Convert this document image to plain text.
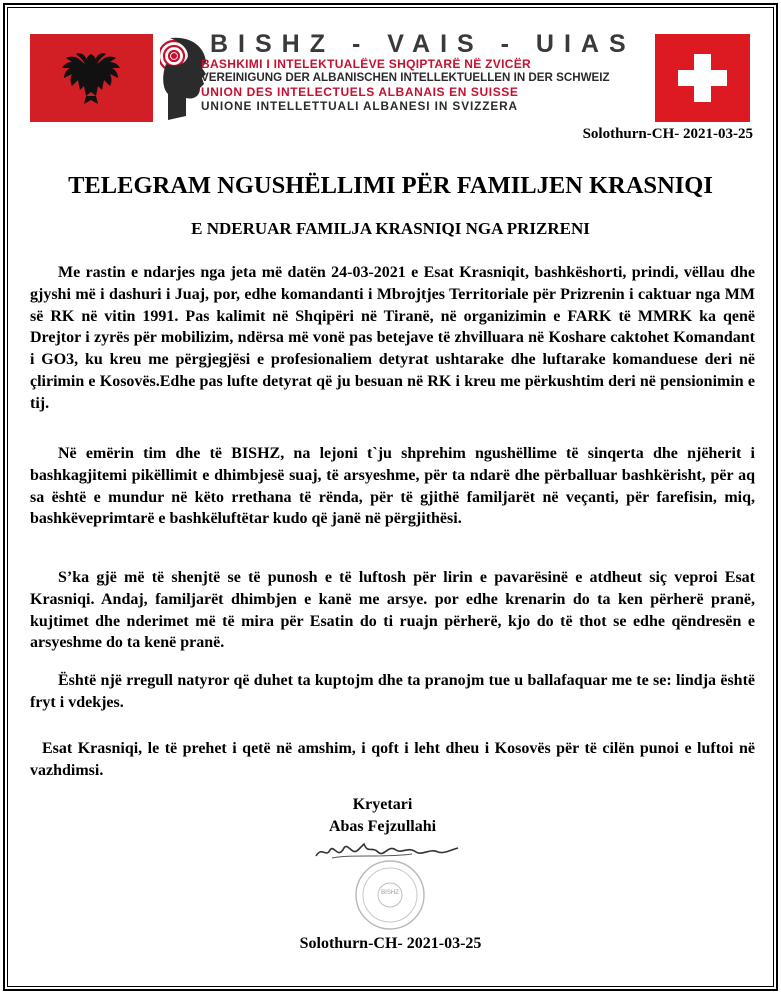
BISHZ - VAIS - UIAS
BASHKIMI I INTELEKTUALËVE SHQIPTARË NË ZVICËR
VEREINIGUNG DER ALBANISCHEN INTELLEKTUELLEN IN DER SCHWEIZ
UNION DES INTELECTUELS ALBANAIS EN SUISSE
UNIONE INTELLETTUALI ALBANESI IN SVIZZERA
Solothurn-CH- 2021-03-25
TELEGRAM NGUSHËLLIMI PËR FAMILJEN KRASNIQI
E NDERUAR FAMILJA KRASNIQI NGA PRIZRENI

Me rastin e ndarjes nga jeta më datën 24-03-2021 e Esat Krasniqit, bashkëshorti, prindi, vëllau dhe gjyshi më i dashuri i Juaj, por, edhe komandanti i Mbrojtjes Territoriale për Prizrenin i caktuar nga MM së RK në vitin 1991. Pas kalimit në Shqipëri në Tiranë, në organizimin e FARK të MMRK ka qenë Drejtor i zyrës për mobilizim, ndërsa më vonë pas betejave të zhvilluara në Koshare caktohet Komandant i GO3, ku kreu me përgjegjësi e profesionaliem detyrat ushtarake dhe luftarake komanduese deri në çlirimin e Kosovës.Edhe pas lufte detyrat që ju besuan në RK i kreu me përkushtim deri në pensionimin e tij.

Në emërin tim dhe të BISHZ, na lejoni t`ju shprehim ngushëllime të sinqerta dhe njëherit i bashkagjitemi pikëllimit e dhimbjesë suaj, të arsyeshme, për ta ndarë dhe përballuar bashkërisht, për aq sa është e mundur në këto rrethana të rënda, për të gjithë familjarët në veçanti, për farefisin, miq, bashkëveprimtarë e bashkëluftëtar kudo që janë në përgjithësi.

S’ka gjë më të shenjtë se të punosh e të luftosh për lirin e pavarësinë e atdheut siç veproi Esat Krasniqi. Andaj, familjarët dhimbjen e kanë me arsye. por edhe krenarin do ta ken përherë pranë, kujtimet dhe nderimet më të mira për Esatin do ti ruajn përherë, kjo do të thot se edhe qëndresën e arsyeshme do ta kenë pranë.

Është një rregull natyror që duhet ta kuptojm dhe ta pranojm tue u ballafaquar me te se: lindja është fryt i vdekjes.

Esat Krasniqi, le të prehet i qetë në amshim, i qoft i leht dheu i Kosovës për të cilën punoi e luftoi në vazhdimsi.

Kryetari
Abas Fejzullahi
BISHZ
Solothurn-CH- 2021-03-25
